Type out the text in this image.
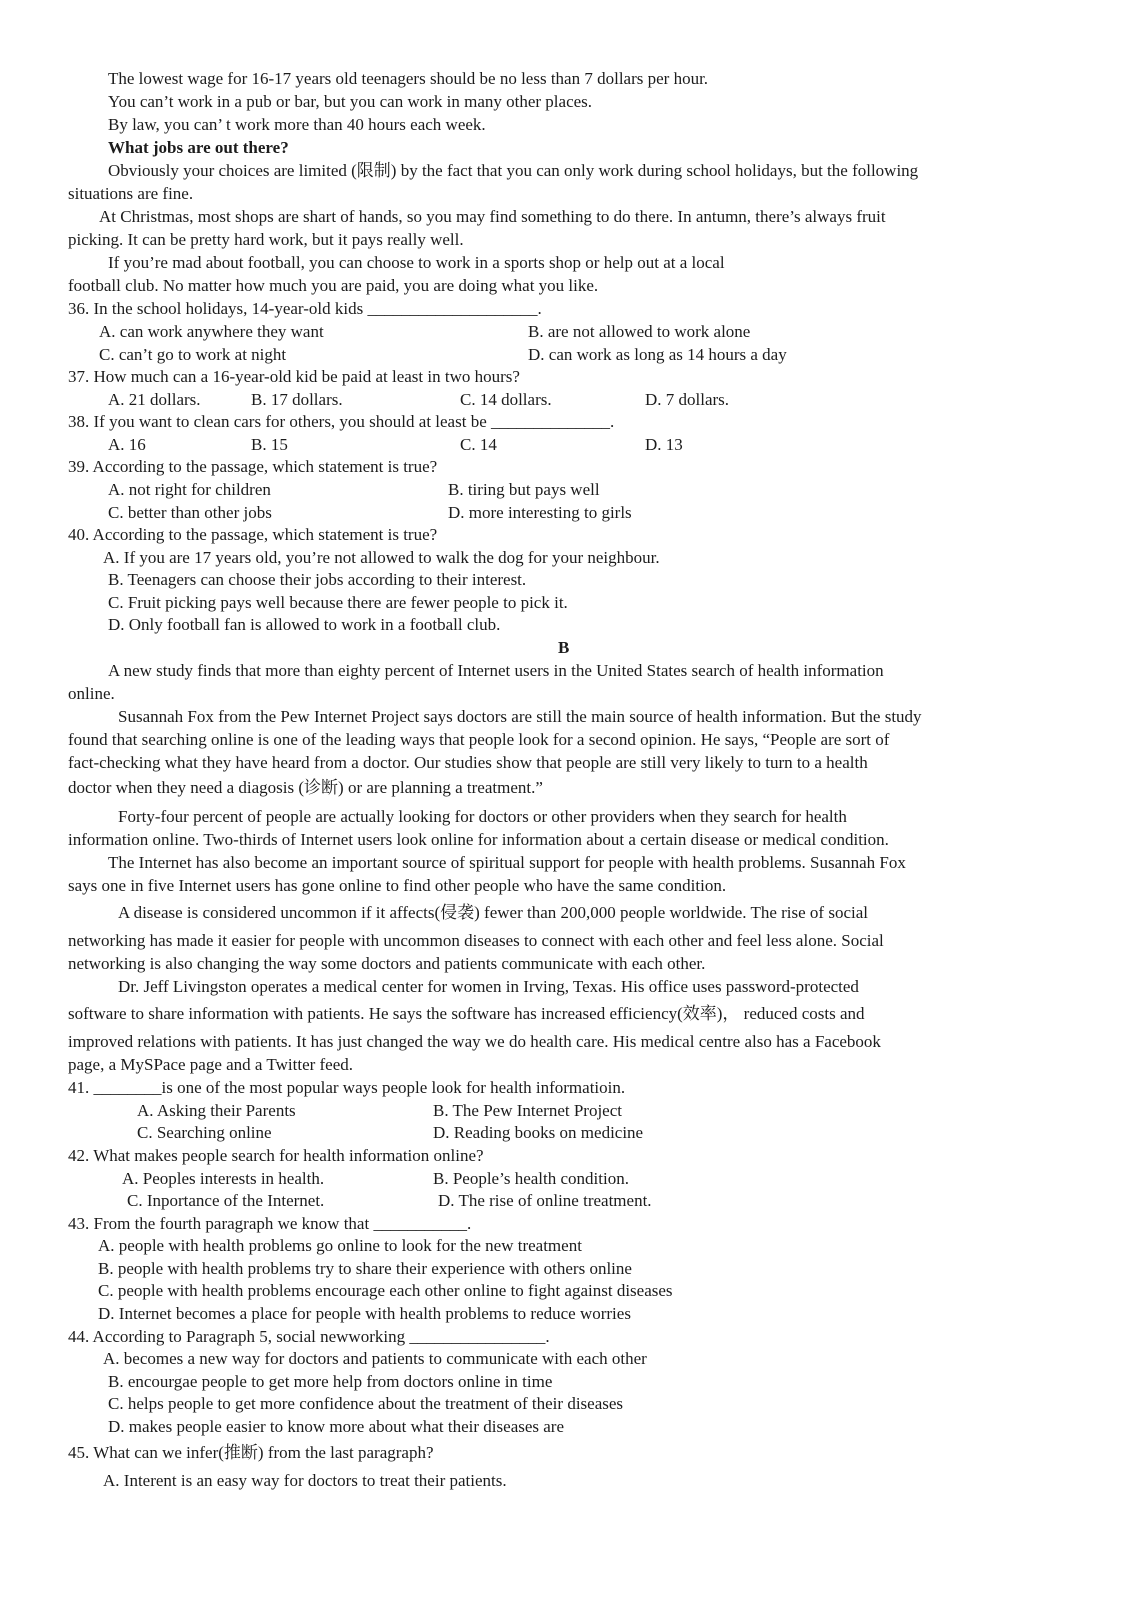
The lowest wage for 16-17 years old teenagers should be no less than 7 dollars per hour.
You can’t work in a pub or bar, but you can work in many other places.
By law, you can’ t work more than 40 hours each week.
What jobs are out there?
Obviously your choices are limited (限制) by the fact that you can only work during school holidays, but the following
situations are fine.
At Christmas, most shops are shart of hands, so you may find something to do there. In antumn, there’s always fruit
picking. It can be pretty hard work, but it pays really well.
If you’re mad about football, you can choose to work in a sports shop or help out at a local
football club. No matter how much you are paid, you are doing what you like.
36. In the school holidays, 14-year-old kids ____________________.
A. can work anywhere they want	B. are not allowed to work alone
C. can’t go to work at night	D. can work as long as 14 hours a day
37. How much can a 16-year-old kid be paid at least in two hours?
A. 21 dollars.	B. 17 dollars.	C. 14 dollars.	D. 7 dollars.
38. If you want to clean cars for others, you should at least be ______________.
A. 16	B. 15	C. 14	D. 13
39. According to the passage, which statement is true?
A. not right for children	B. tiring but pays well
C. better than other jobs	D. more interesting to girls
40. According to the passage, which statement is true?
A. If you are 17 years old, you’re not allowed to walk the dog for your neighbour.
B. Teenagers can choose their jobs according to their interest.
C. Fruit picking pays well because there are fewer people to pick it.
D. Only football fan is allowed to work in a football club.
B
A new study finds that more than eighty percent of Internet users in the United States search of health information
online.
Susannah Fox from the Pew Internet Project says doctors are still the main source of health information. But the study
found that searching online is one of the leading ways that people look for a second opinion. He says, “People are sort of
fact-checking what they have heard from a doctor. Our studies show that people are still very likely to turn to a health
doctor when they need a diagosis (诊断) or are planning a treatment.”
Forty-four percent of people are actually looking for doctors or other providers when they search for health
information online. Two-thirds of Internet users look online for information about a certain disease or medical condition.
The Internet has also become an important source of spiritual support for people with health problems. Susannah Fox
says one in five Internet users has gone online to find other people who have the same condition.
A disease is considered uncommon if it affects(侵袭) fewer than 200,000 people worldwide. The rise of social
networking has made it easier for people with uncommon diseases to connect with each other and feel less alone. Social
networking is also changing the way some doctors and patients communicate with each other.
Dr. Jeff Livingston operates a medical center for women in Irving, Texas. His office uses password-protected
software to share information with patients. He says the software has increased efficiency(效率)， reduced costs and
improved relations with patients. It has just changed the way we do health care. His medical centre also has a Facebook
page, a MySPace page and a Twitter feed.
41. ________is one of the most popular ways people look for health informatioin.
A. Asking their Parents	B. The Pew Internet Project
C. Searching online	D. Reading books on medicine
42. What makes people search for health information online?
A. Peoples interests in health.	B. People’s health condition.
C. Inportance of the Internet.	D. The rise of online treatment.
43. From the fourth paragraph we know that ___________.
A. people with health problems go online to look for the new treatment
B. people with health problems try to share their experience with others online
C. people with health problems encourage each other online to fight against diseases
D. Internet becomes a place for people with health problems to reduce worries
44. According to Paragraph 5, social newworking ________________.
A. becomes a new way for doctors and patients to communicate with each other
B. encourgae people to get more help from doctors online in time
C. helps people to get more confidence about the treatment of their diseases
D. makes people easier to know more about what their diseases are
45. What can we infer(推断) from the last paragraph?
A. Interent is an easy way for doctors to treat their patients.
